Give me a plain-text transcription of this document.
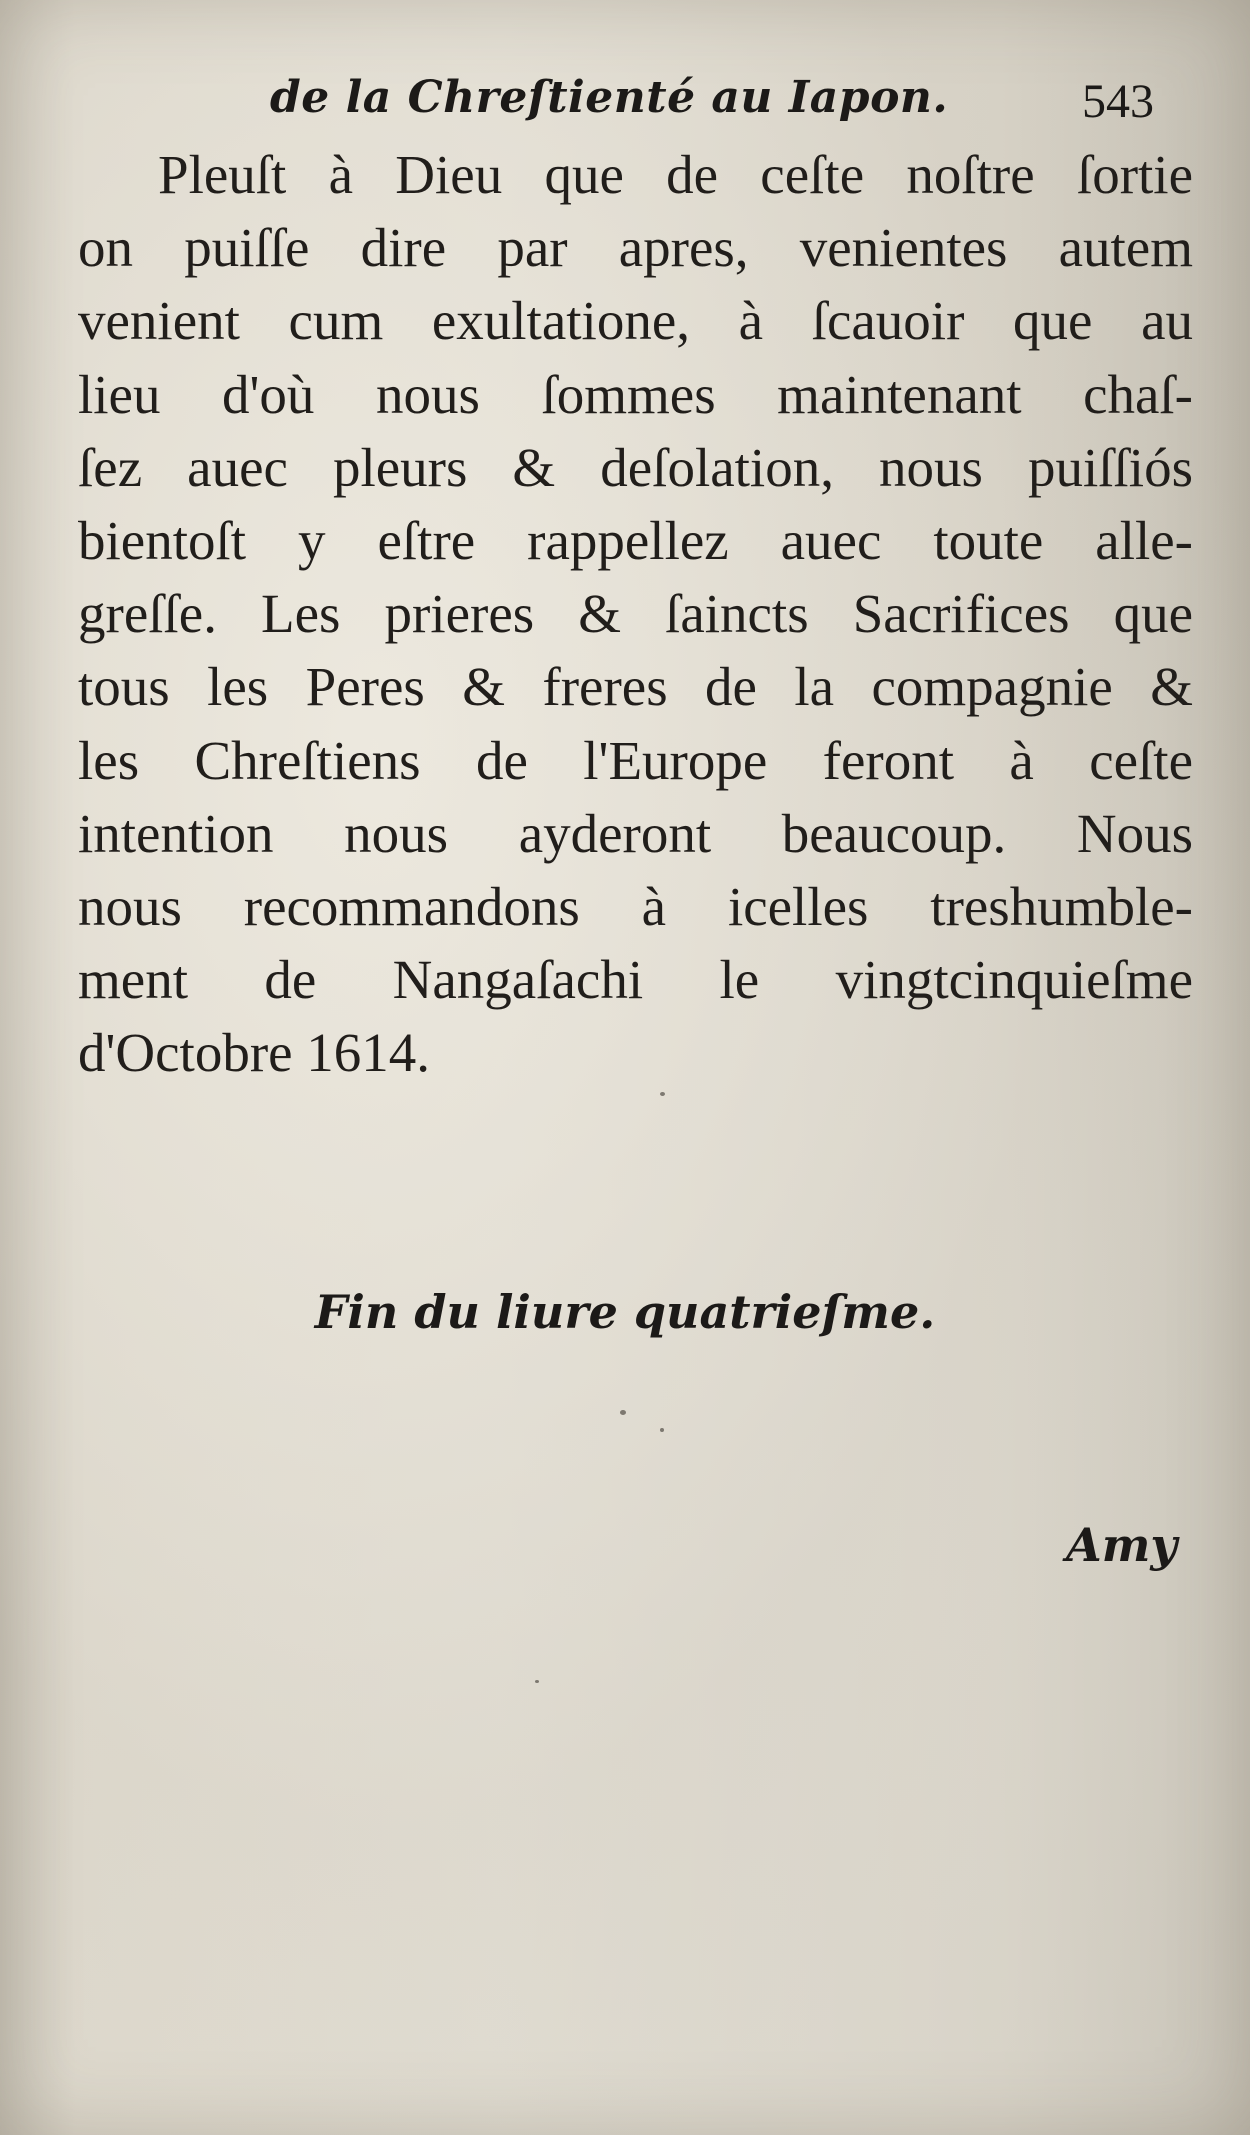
de la Chreſtienté au Iapon.	543
Pleuſt à Dieu que de ceſte noſtre ſortie
on puiſſe dire par apres, venientes autem
venient cum exultatione, à ſcauoir que au
lieu d'où nous ſommes maintenant chaſ-
ſez auec pleurs & deſolation, nous puiſſiós
bientoſt y eſtre rappellez auec toute alle-
greſſe. Les prieres & ſaincts Sacrifices que
tous les Peres & freres de la compagnie &
les Chreſtiens de l'Europe feront à ceſte
intention nous ayderont beaucoup. Nous
nous recommandons à icelles treshumble-
ment de Nangaſachi le vingtcinquieſme
d'Octobre 1614.
Fin du liure quatrieſme.
Amy
